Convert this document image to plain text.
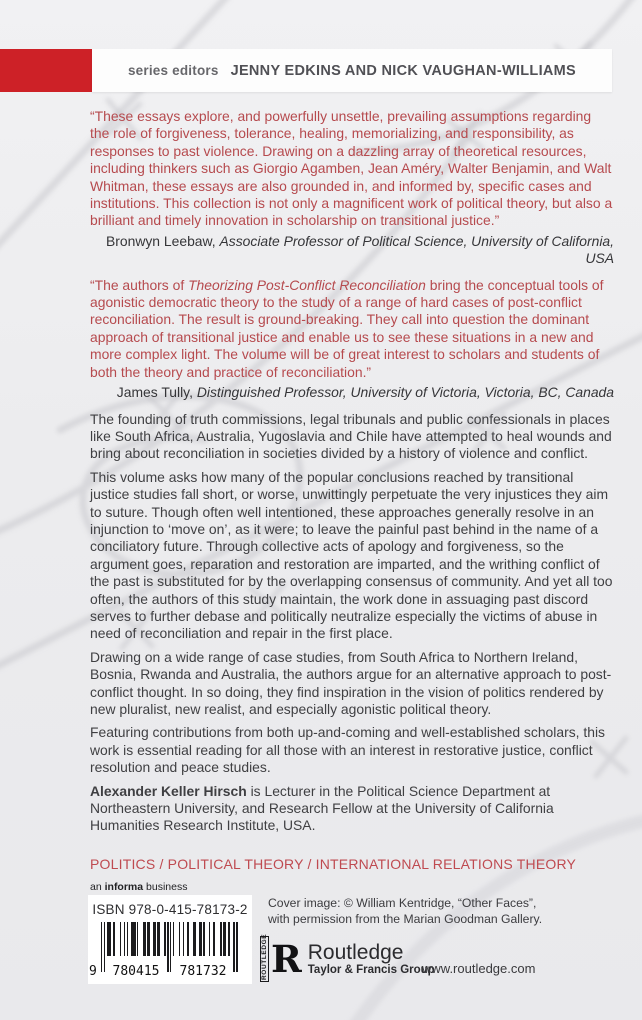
series editors JENNY EDKINS AND NICK VAUGHAN-WILLIAMS

“These essays explore, and powerfully unsettle, prevailing assumptions regarding the role of forgiveness, tolerance, healing, memorializing, and responsibility, as responses to past violence. Drawing on a dazzling array of theoretical resources, including thinkers such as Giorgio Agamben, Jean Améry, Walter Benjamin, and Walt Whitman, these essays are also grounded in, and informed by, specific cases and institutions. This collection is not only a magnificent work of political theory, but also a brilliant and timely innovation in scholarship on transitional justice.”

Bronwyn Leebaw, Associate Professor of Political Science, University of California, USA

“The authors of Theorizing Post-Conflict Reconciliation bring the conceptual tools of agonistic democratic theory to the study of a range of hard cases of post-conflict reconciliation. The result is ground-breaking. They call into question the dominant approach of transitional justice and enable us to see these situations in a new and more complex light. The volume will be of great interest to scholars and students of both the theory and practice of reconciliation.”

James Tully, Distinguished Professor, University of Victoria, Victoria, BC, Canada

The founding of truth commissions, legal tribunals and public confessionals in places like South Africa, Australia, Yugoslavia and Chile have attempted to heal wounds and bring about reconciliation in societies divided by a history of violence and conflict.

This volume asks how many of the popular conclusions reached by transitional justice studies fall short, or worse, unwittingly perpetuate the very injustices they aim to suture. Though often well intentioned, these approaches generally resolve in an injunction to ‘move on’, as it were; to leave the painful past behind in the name of a conciliatory future. Through collective acts of apology and forgiveness, so the argument goes, reparation and restoration are imparted, and the writhing conflict of the past is substituted for by the overlapping consensus of community. And yet all too often, the authors of this study maintain, the work done in assuaging past discord serves to further debase and politically neutralize especially the victims of abuse in need of reconciliation and repair in the first place.

Drawing on a wide range of case studies, from South Africa to Northern Ireland, Bosnia, Rwanda and Australia, the authors argue for an alternative approach to post-conflict thought. In so doing, they find inspiration in the vision of politics rendered by new pluralist, new realist, and especially agonistic political theory.

Featuring contributions from both up-and-coming and well-established scholars, this work is essential reading for all those with an interest in restorative justice, conflict resolution and peace studies.

Alexander Keller Hirsch is Lecturer in the Political Science Department at Northeastern University, and Research Fellow at the University of California Humanities Research Institute, USA.

POLITICS / POLITICAL THEORY / INTERNATIONAL RELATIONS THEORY
an informa business
ISBN 978-0-415-78173-2
9	780415	781732
Cover image: © William Kentridge, “Other Faces”,
with permission from the Marian Goodman Gallery.
ROUTLEDGE R Routledge
Taylor & Francis Group
www.routledge.com
